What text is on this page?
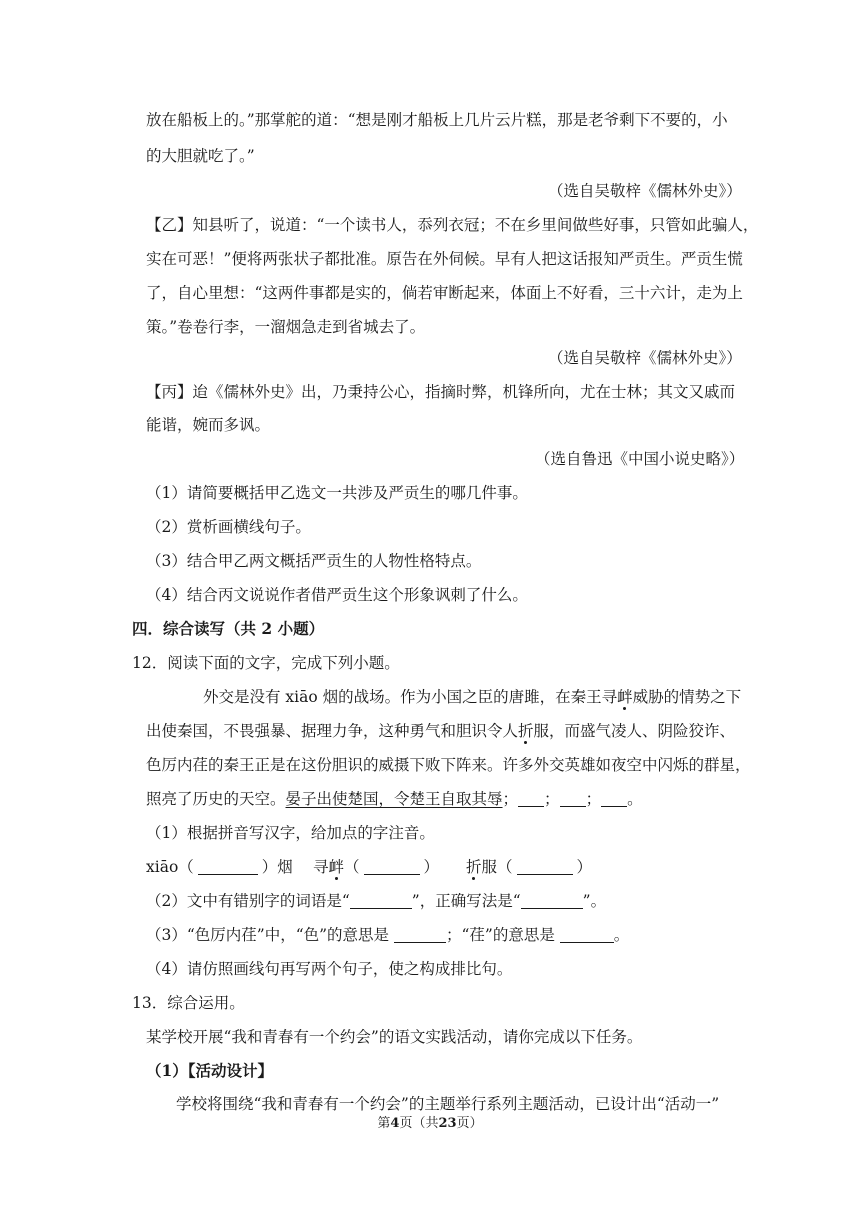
放在船板上的。”那掌舵的道：“想是刚才船板上几片云片糕，那是老爷剩下不要的，小
的大胆就吃了。”
（选自吴敬梓《儒林外史》）
【乙】知县听了，说道：“一个读书人，忝列衣冠；不在乡里间做些好事，只管如此骗人，
实在可恶！”便将两张状子都批准。原告在外伺候。早有人把这话报知严贡生。严贡生慌
了，自心里想：“这两件事都是实的，倘若审断起来，体面上不好看，三十六计，走为上
策。”卷卷行李，一溜烟急走到省城去了。
（选自吴敬梓《儒林外史》）
【丙】迨《儒林外史》出，乃秉持公心，指摘时弊，机锋所向，尤在士林；其文又戚而
能谐，婉而多讽。
（选自鲁迅《中国小说史略》）
（1）请简要概括甲乙选文一共涉及严贡生的哪几件事。
（2）赏析画横线句子。
（3）结合甲乙两文概括严贡生的人物性格特点。
（4）结合丙文说说作者借严贡生这个形象讽刺了什么。
四．综合读写（共 2 小题）
12．阅读下面的文字，完成下列小题。
外交是没有 xiāo 烟的战场。作为小国之臣的唐雎，在秦王寻衅威胁的情势之下
出使秦国，不畏强暴、据理力争，这种勇气和胆识令人折服，而盛气凌人、阴险狡诈、
色厉内荏的秦王正是在这份胆识的威摄下败下阵来。许多外交英雄如夜空中闪烁的群星，
照亮了历史的天空。晏子出使楚国，令楚王自取其辱； ； ； 。
（1）根据拼音写汉字，给加点的字注音。
xiāo（	）烟 寻衅（	） 折服（	）
（2）文中有错别字的词语是“	”，正确写法是“	”。
（3）“色厉内荏”中，“色”的意思是	；“荏”的意思是	。
（4）请仿照画线句再写两个句子，使之构成排比句。
13．综合运用。
某学校开展“我和青春有一个约会”的语文实践活动，请你完成以下任务。
（1）【活动设计】
学校将围绕“我和青春有一个约会”的主题举行系列主题活动，已设计出“活动一”
第4页（共23页）
